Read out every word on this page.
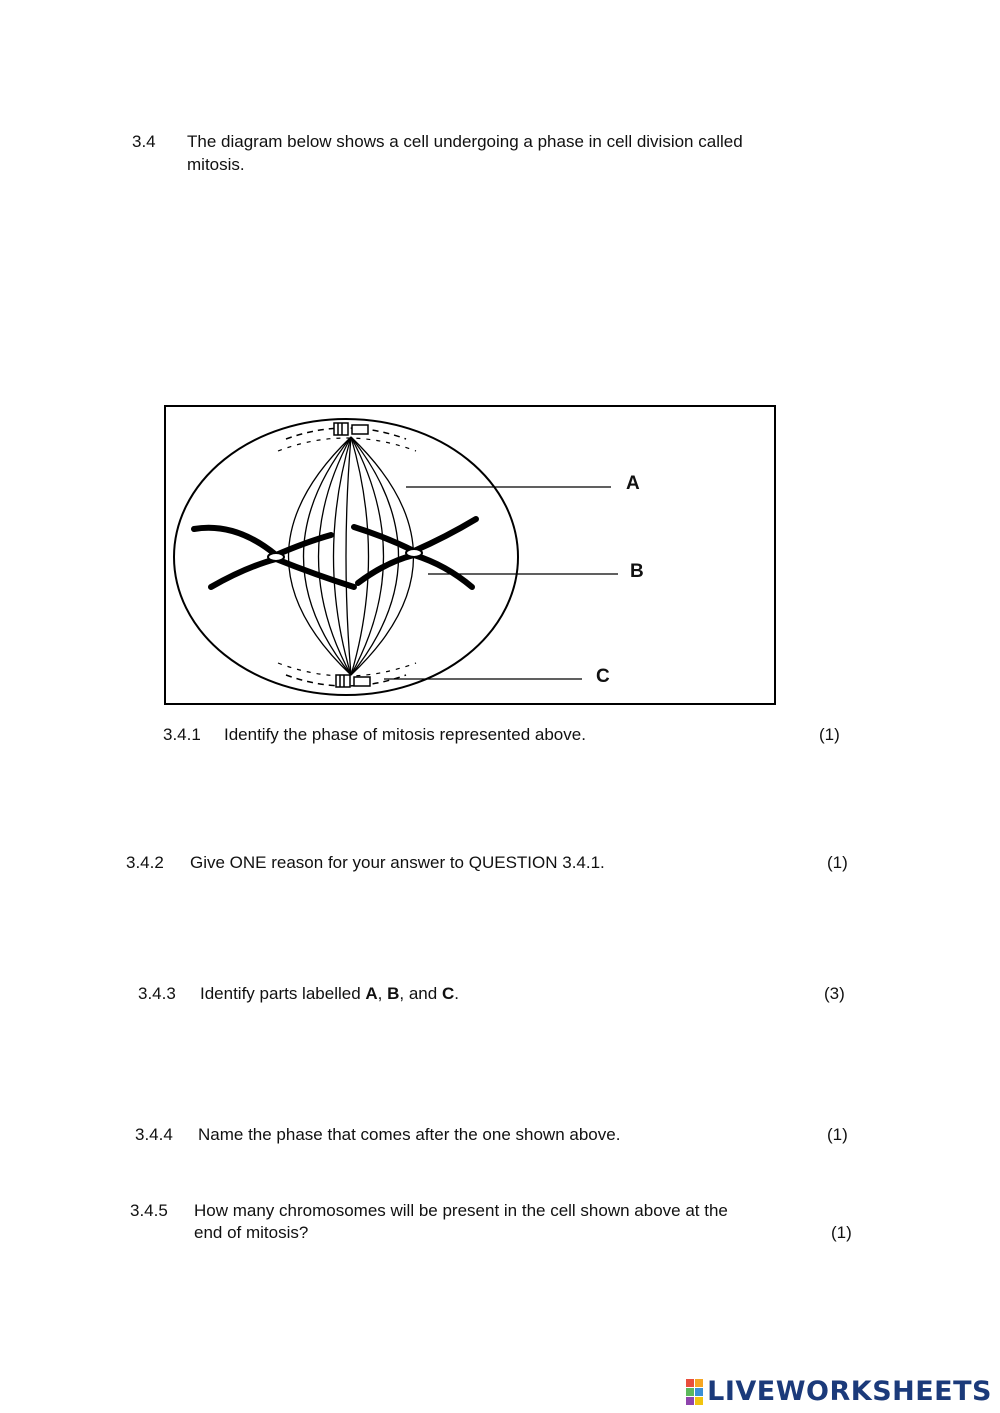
3.4 The diagram below shows a cell undergoing a phase in cell division called
mitosis.
A
B
C
3.4.1 Identify the phase of mitosis represented above.	(1)
3.4.2 Give ONE reason for your answer to QUESTION 3.4.1.	(1)
3.4.3 Identify parts labelled A, B, and C.	(3)
3.4.4 Name the phase that comes after the one shown above.	(1)
3.4.5 How many chromosomes will be present in the cell shown above at the
end of mitosis?	(1)
LIVEWORKSHEETS
